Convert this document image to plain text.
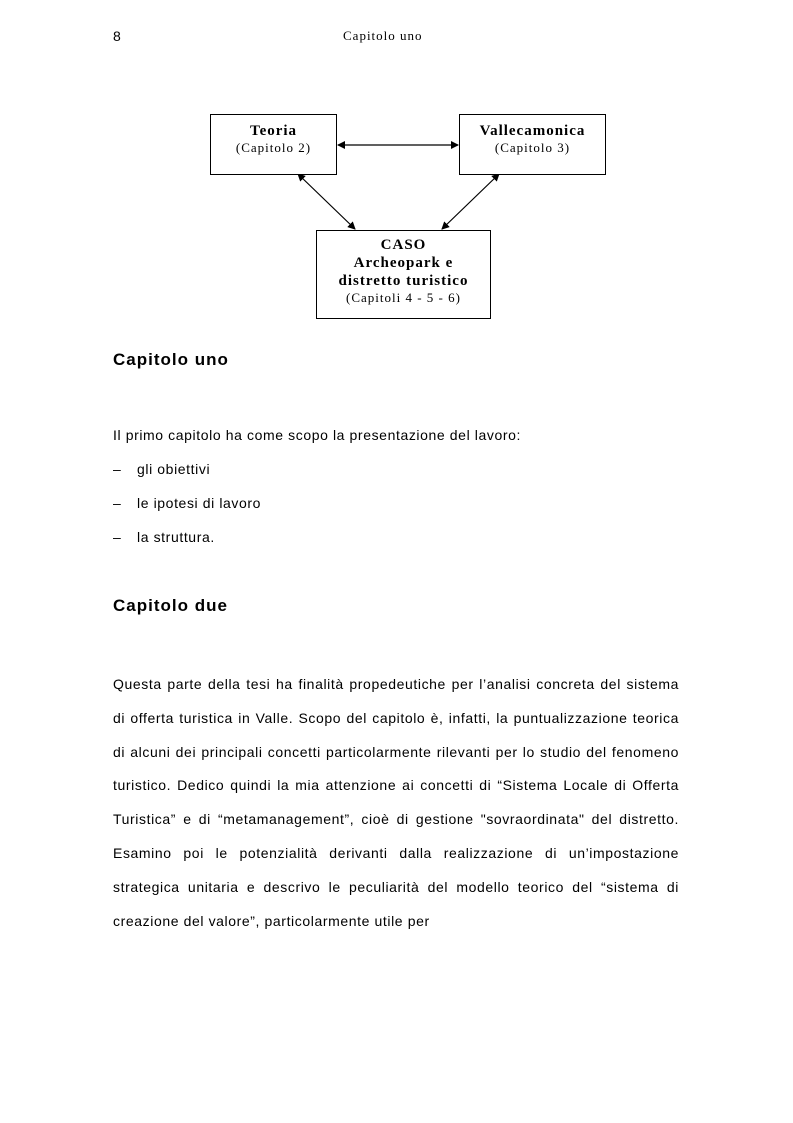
8	Capitolo uno
Teoria
(Capitolo 2)
Vallecamonica
(Capitolo 3)
CASO
Archeopark e
distretto turistico
(Capitoli 4 - 5 - 6)
Capitolo uno
Il primo capitolo ha come scopo la presentazione del lavoro:
– gli obiettivi
– le ipotesi di lavoro
– la struttura.
Capitolo due
Questa parte della tesi ha finalità propedeutiche per l’analisi concreta del sistema di offerta turistica in Valle. Scopo del capitolo è, infatti, la puntualizzazione teorica di alcuni dei principali concetti particolarmente rilevanti per lo studio del fenomeno turistico. Dedico quindi la mia attenzione ai concetti di “Sistema Locale di Offerta Turistica” e di “metamanagement”, cioè di gestione "sovraordinata" del distretto. Esamino poi le potenzialità derivanti dalla realizzazione di un’impostazione strategica unitaria e descrivo le peculiarità del modello teorico del “sistema di creazione del valore”, particolarmente utile per
